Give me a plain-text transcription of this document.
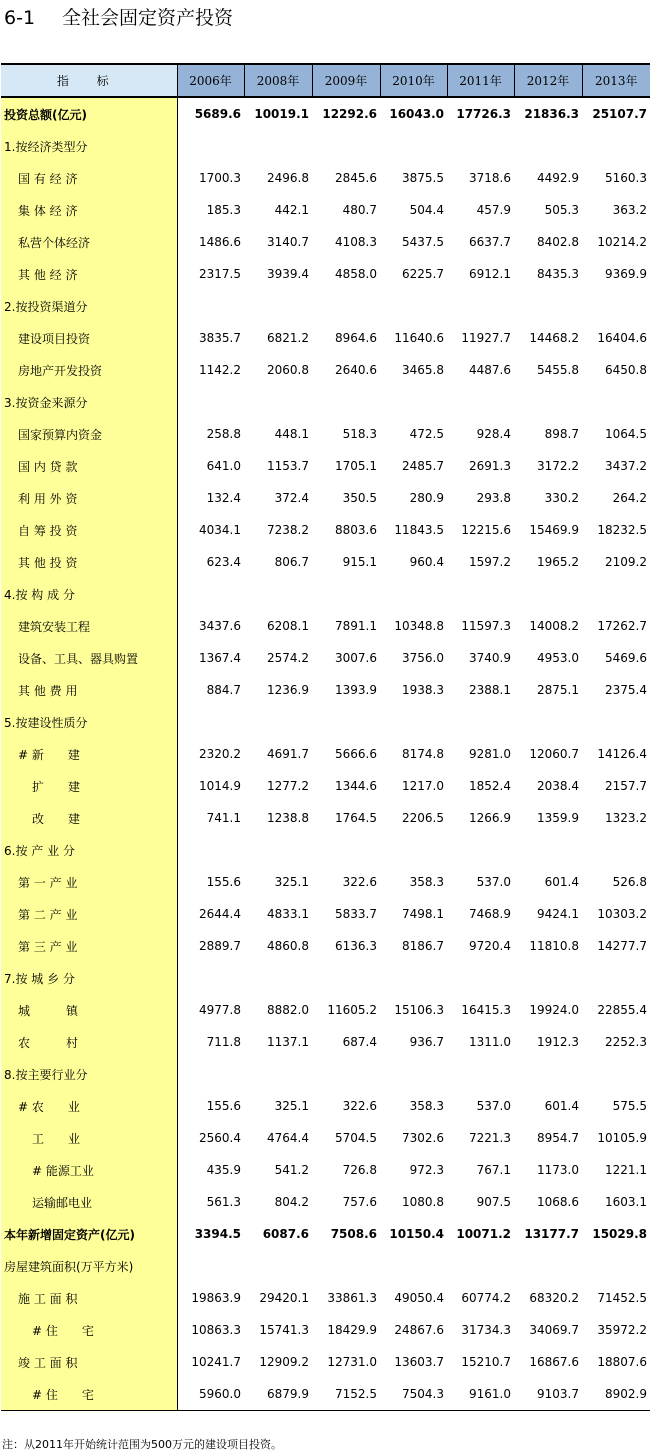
6-1 全社会固定资产投资
指 标	2006年	2008年	2009年	2010年	2011年	2012年	2013年
投资总额(亿元)	5689.6	10019.1	12292.6	16043.0	17726.3	21836.3	25107.7
1.按经济类型分							
国 有 经 济	1700.3	2496.8	2845.6	3875.5	3718.6	4492.9	5160.3
集 体 经 济	185.3	442.1	480.7	504.4	457.9	505.3	363.2
私营个体经济	1486.6	3140.7	4108.3	5437.5	6637.7	8402.8	10214.2
其 他 经 济	2317.5	3939.4	4858.0	6225.7	6912.1	8435.3	9369.9
2.按投资渠道分							
建设项目投资	3835.7	6821.2	8964.6	11640.6	11927.7	14468.2	16404.6
房地产开发投资	1142.2	2060.8	2640.6	3465.8	4487.6	5455.8	6450.8
3.按资金来源分							
国家预算内资金	258.8	448.1	518.3	472.5	928.4	898.7	1064.5
国 内 贷 款	641.0	1153.7	1705.1	2485.7	2691.3	3172.2	3437.2
利 用 外 资	132.4	372.4	350.5	280.9	293.8	330.2	264.2
自 筹 投 资	4034.1	7238.2	8803.6	11843.5	12215.6	15469.9	18232.5
其 他 投 资	623.4	806.7	915.1	960.4	1597.2	1965.2	2109.2
4.按 构 成 分							
建筑安装工程	3437.6	6208.1	7891.1	10348.8	11597.3	14008.2	17262.7
设备、工具、器具购置	1367.4	2574.2	3007.6	3756.0	3740.9	4953.0	5469.6
其 他 费 用	884.7	1236.9	1393.9	1938.3	2388.1	2875.1	2375.4
5.按建设性质分							
# 新　　建	2320.2	4691.7	5666.6	8174.8	9281.0	12060.7	14126.4
扩　　建	1014.9	1277.2	1344.6	1217.0	1852.4	2038.4	2157.7
改　　建	741.1	1238.8	1764.5	2206.5	1266.9	1359.9	1323.2
6.按 产 业 分							
第 一 产 业	155.6	325.1	322.6	358.3	537.0	601.4	526.8
第 二 产 业	2644.4	4833.1	5833.7	7498.1	7468.9	9424.1	10303.2
第 三 产 业	2889.7	4860.8	6136.3	8186.7	9720.4	11810.8	14277.7
7.按 城 乡 分							
城　　　镇	4977.8	8882.0	11605.2	15106.3	16415.3	19924.0	22855.4
农　　　村	711.8	1137.1	687.4	936.7	1311.0	1912.3	2252.3
8.按主要行业分							
# 农　　业	155.6	325.1	322.6	358.3	537.0	601.4	575.5
工　　业	2560.4	4764.4	5704.5	7302.6	7221.3	8954.7	10105.9
# 能源工业	435.9	541.2	726.8	972.3	767.1	1173.0	1221.1
运输邮电业	561.3	804.2	757.6	1080.8	907.5	1068.6	1603.1
本年新增固定资产(亿元)	3394.5	6087.6	7508.6	10150.4	10071.2	13177.7	15029.8
房屋建筑面积(万平方米)							
施 工 面 积	19863.9	29420.1	33861.3	49050.4	60774.2	68320.2	71452.5
# 住　　宅	10863.3	15741.3	18429.9	24867.6	31734.3	34069.7	35972.2
竣 工 面 积	10241.7	12909.2	12731.0	13603.7	15210.7	16867.6	18807.6
# 住　　宅	5960.0	6879.9	7152.5	7504.3	9161.0	9103.7	8902.9
注：从2011年开始统计范围为500万元的建设项目投资。
